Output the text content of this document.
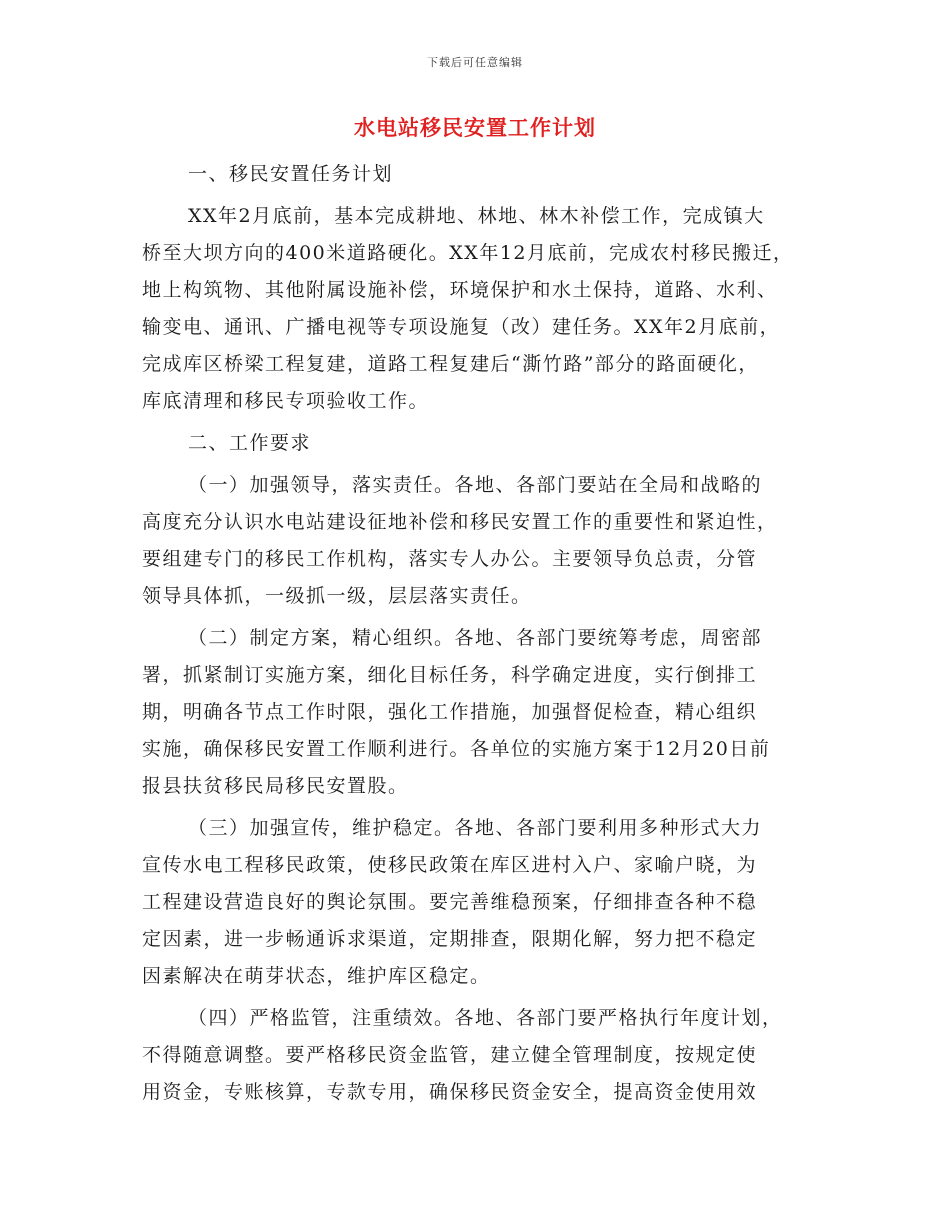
下载后可任意编辑
水电站移民安置工作计划
一、移民安置任务计划
XX年2月底前，基本完成耕地、林地、林木补偿工作，完成镇大
桥至大坝方向的400米道路硬化。XX年12月底前，完成农村移民搬迁，
地上构筑物、其他附属设施补偿，环境保护和水土保持，道路、水利、
输变电、通讯、广播电视等专项设施复（改）建任务。XX年2月底前，
完成库区桥梁工程复建，道路工程复建后“澌竹路”部分的路面硬化，
库底清理和移民专项验收工作。
二、工作要求
（一）加强领导，落实责任。各地、各部门要站在全局和战略的
高度充分认识水电站建设征地补偿和移民安置工作的重要性和紧迫性，
要组建专门的移民工作机构，落实专人办公。主要领导负总责，分管
领导具体抓，一级抓一级，层层落实责任。
（二）制定方案，精心组织。各地、各部门要统筹考虑，周密部
署，抓紧制订实施方案，细化目标任务，科学确定进度，实行倒排工
期，明确各节点工作时限，强化工作措施，加强督促检查，精心组织
实施，确保移民安置工作顺利进行。各单位的实施方案于12月20日前
报县扶贫移民局移民安置股。
（三）加强宣传，维护稳定。各地、各部门要利用多种形式大力
宣传水电工程移民政策，使移民政策在库区进村入户、家喻户晓，为
工程建设营造良好的舆论氛围。要完善维稳预案，仔细排查各种不稳
定因素，进一步畅通诉求渠道，定期排查，限期化解，努力把不稳定
因素解决在萌芽状态，维护库区稳定。
（四）严格监管，注重绩效。各地、各部门要严格执行年度计划，
不得随意调整。要严格移民资金监管，建立健全管理制度，按规定使
用资金，专账核算，专款专用，确保移民资金安全，提高资金使用效
